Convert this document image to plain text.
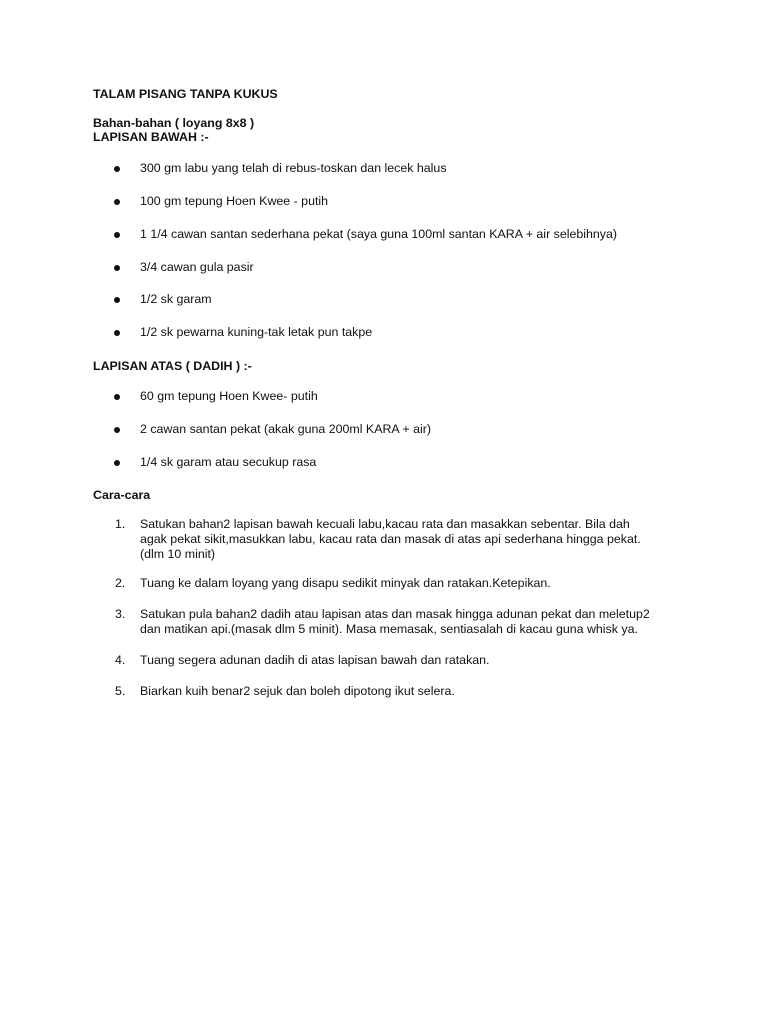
TALAM PISANG TANPA KUKUS
Bahan-bahan ( loyang 8x8 )
LAPISAN BAWAH :-
300 gm labu yang telah di rebus-toskan dan lecek halus
100 gm tepung Hoen Kwee - putih
1 1/4 cawan santan sederhana pekat (saya guna 100ml santan KARA + air selebihnya)
3/4 cawan gula pasir
1/2 sk garam
1/2 sk pewarna kuning-tak letak pun takpe
LAPISAN ATAS ( DADIH ) :-
60 gm tepung Hoen Kwee- putih
2 cawan santan pekat (akak guna 200ml KARA + air)
1/4 sk garam atau secukup rasa
Cara-cara
1. Satukan bahan2 lapisan bawah kecuali labu,kacau rata dan masakkan sebentar. Bila dah
agak pekat sikit,masukkan labu, kacau rata dan masak di atas api sederhana hingga pekat.
(dlm 10 minit)
2. Tuang ke dalam loyang yang disapu sedikit minyak dan ratakan.Ketepikan.
3. Satukan pula bahan2 dadih atau lapisan atas dan masak hingga adunan pekat dan meletup2
dan matikan api.(masak dlm 5 minit). Masa memasak, sentiasalah di kacau guna whisk ya.
4. Tuang segera adunan dadih di atas lapisan bawah dan ratakan.
5. Biarkan kuih benar2 sejuk dan boleh dipotong ikut selera.
